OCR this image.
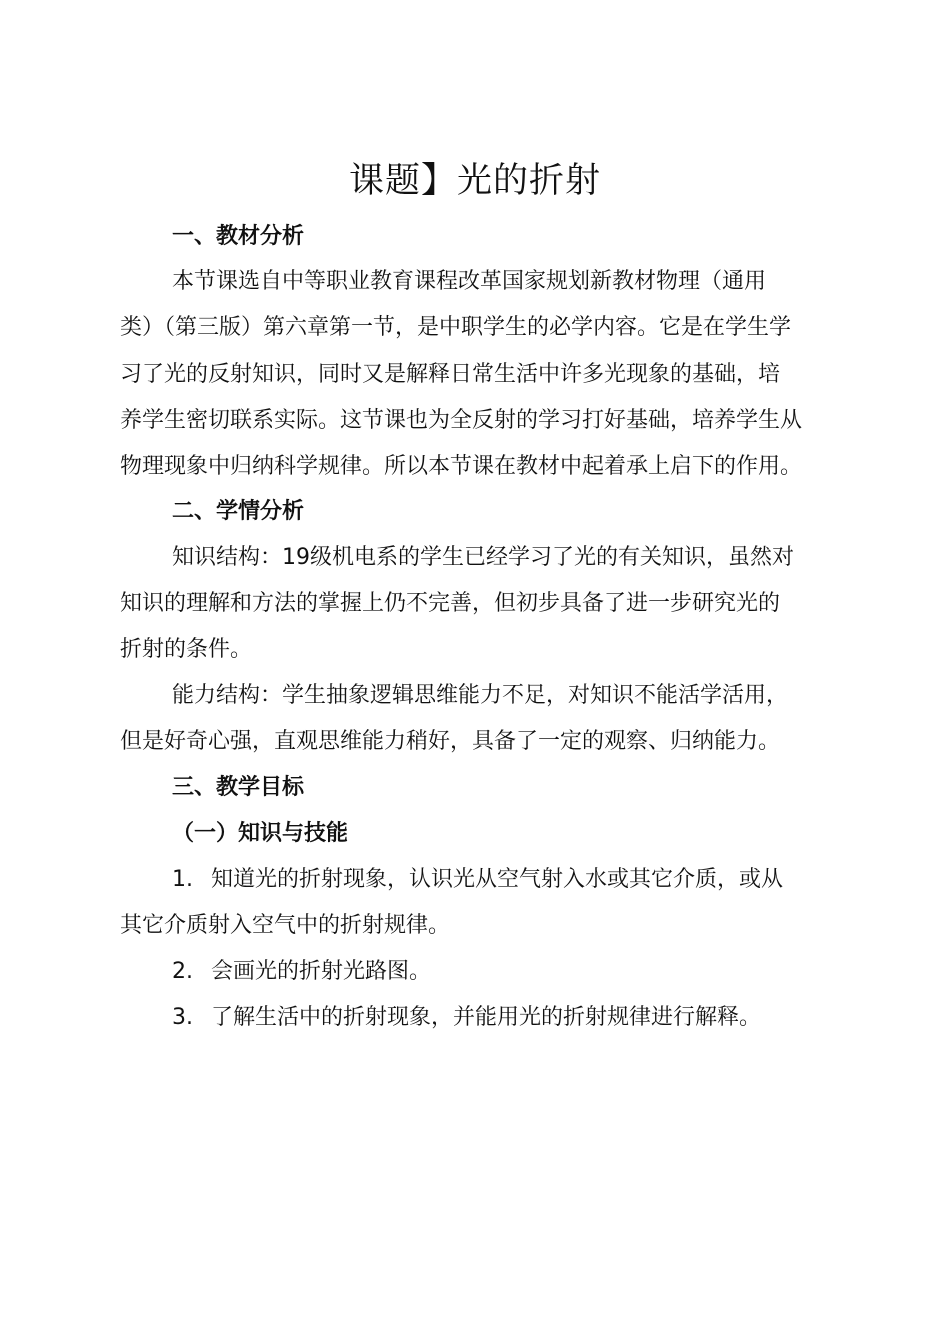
课题】光的折射
一、教材分析
本节课选自中等职业教育课程改革国家规划新教材物理（通用
类）（第三版）第六章第一节，是中职学生的必学内容。它是在学生学
习了光的反射知识，同时又是解释日常生活中许多光现象的基础，培
养学生密切联系实际。这节课也为全反射的学习打好基础，培养学生从
物理现象中归纳科学规律。所以本节课在教材中起着承上启下的作用。
二、学情分析
知识结构：19级机电系的学生已经学习了光的有关知识，虽然对
知识的理解和方法的掌握上仍不完善，但初步具备了进一步研究光的
折射的条件。
能力结构：学生抽象逻辑思维能力不足，对知识不能活学活用，
但是好奇心强，直观思维能力稍好，具备了一定的观察、归纳能力。
三、教学目标
（一）知识与技能
1. 知道光的折射现象，认识光从空气射入水或其它介质，或从
其它介质射入空气中的折射规律。
2. 会画光的折射光路图。
3. 了解生活中的折射现象，并能用光的折射规律进行解释。
